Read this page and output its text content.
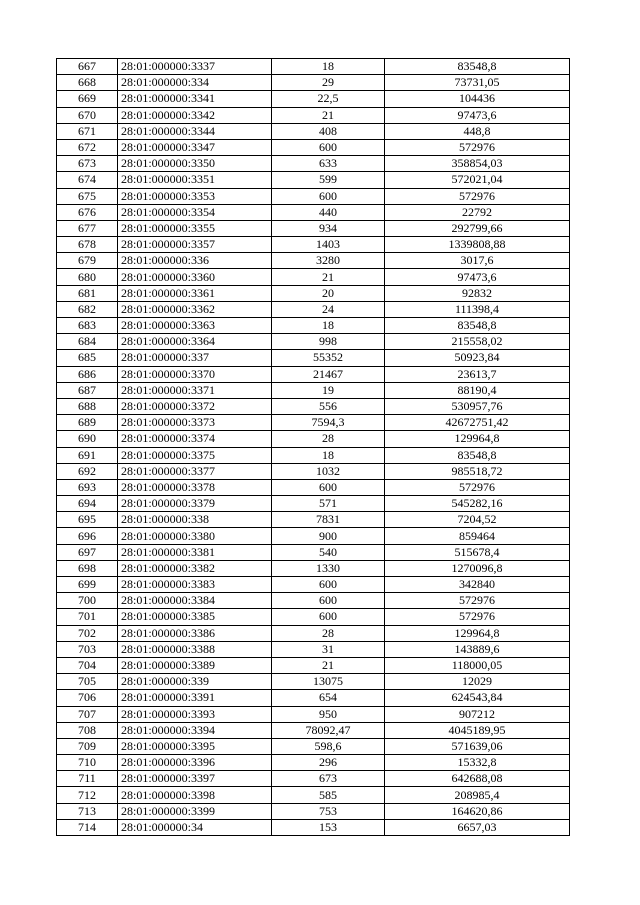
667	28:01:000000:3337	18	83548,8
668	28:01:000000:334	29	73731,05
669	28:01:000000:3341	22,5	104436
670	28:01:000000:3342	21	97473,6
671	28:01:000000:3344	408	448,8
672	28:01:000000:3347	600	572976
673	28:01:000000:3350	633	358854,03
674	28:01:000000:3351	599	572021,04
675	28:01:000000:3353	600	572976
676	28:01:000000:3354	440	22792
677	28:01:000000:3355	934	292799,66
678	28:01:000000:3357	1403	1339808,88
679	28:01:000000:336	3280	3017,6
680	28:01:000000:3360	21	97473,6
681	28:01:000000:3361	20	92832
682	28:01:000000:3362	24	111398,4
683	28:01:000000:3363	18	83548,8
684	28:01:000000:3364	998	215558,02
685	28:01:000000:337	55352	50923,84
686	28:01:000000:3370	21467	23613,7
687	28:01:000000:3371	19	88190,4
688	28:01:000000:3372	556	530957,76
689	28:01:000000:3373	7594,3	42672751,42
690	28:01:000000:3374	28	129964,8
691	28:01:000000:3375	18	83548,8
692	28:01:000000:3377	1032	985518,72
693	28:01:000000:3378	600	572976
694	28:01:000000:3379	571	545282,16
695	28:01:000000:338	7831	7204,52
696	28:01:000000:3380	900	859464
697	28:01:000000:3381	540	515678,4
698	28:01:000000:3382	1330	1270096,8
699	28:01:000000:3383	600	342840
700	28:01:000000:3384	600	572976
701	28:01:000000:3385	600	572976
702	28:01:000000:3386	28	129964,8
703	28:01:000000:3388	31	143889,6
704	28:01:000000:3389	21	118000,05
705	28:01:000000:339	13075	12029
706	28:01:000000:3391	654	624543,84
707	28:01:000000:3393	950	907212
708	28:01:000000:3394	78092,47	4045189,95
709	28:01:000000:3395	598,6	571639,06
710	28:01:000000:3396	296	15332,8
711	28:01:000000:3397	673	642688,08
712	28:01:000000:3398	585	208985,4
713	28:01:000000:3399	753	164620,86
714	28:01:000000:34	153	6657,03
